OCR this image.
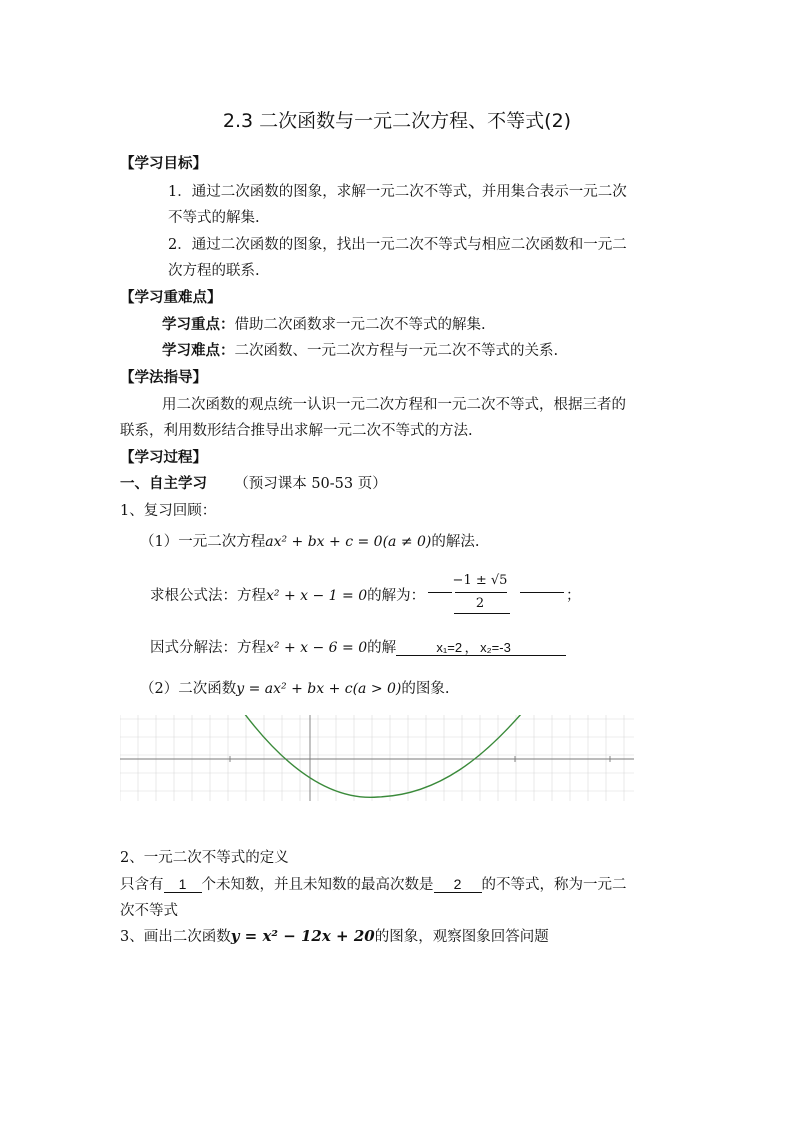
2.3 二次函数与一元二次方程、不等式(2)
【学习目标】
1．通过二次函数的图象，求解一元二次不等式，并用集合表示一元二次
不等式的解集.
2．通过二次函数的图象，找出一元二次不等式与相应二次函数和一元二
次方程的联系.
【学习重难点】
学习重点：借助二次函数求一元二次不等式的解集.
学习难点：二次函数、一元二次方程与一元二次不等式的关系.
【学法指导】
用二次函数的观点统一认识一元二次方程和一元二次不等式，根据三者的
联系，利用数形结合推导出求解一元二次不等式的方法.
【学习过程】
一、自主学习 （预习课本 50-53 页）
1、复习回顾：
（1）一元二次方程ax² + bx + c = 0(a ≠ 0)的解法.
求根公式法：方程x² + x − 1 = 0的解为：
−1 ± √5
2	；
因式分解法：方程x² + x − 6 = 0的解	x₁=2 ， x₂=-3
（2）二次函数y = ax² + bx + c(a > 0)的图象.
2、一元二次不等式的定义
只含有 1 个未知数，并且未知数的最高次数是 2 的不等式，称为一元二
次不等式
3、画出二次函数y = x² − 12x + 20的图象，观察图象回答问题
